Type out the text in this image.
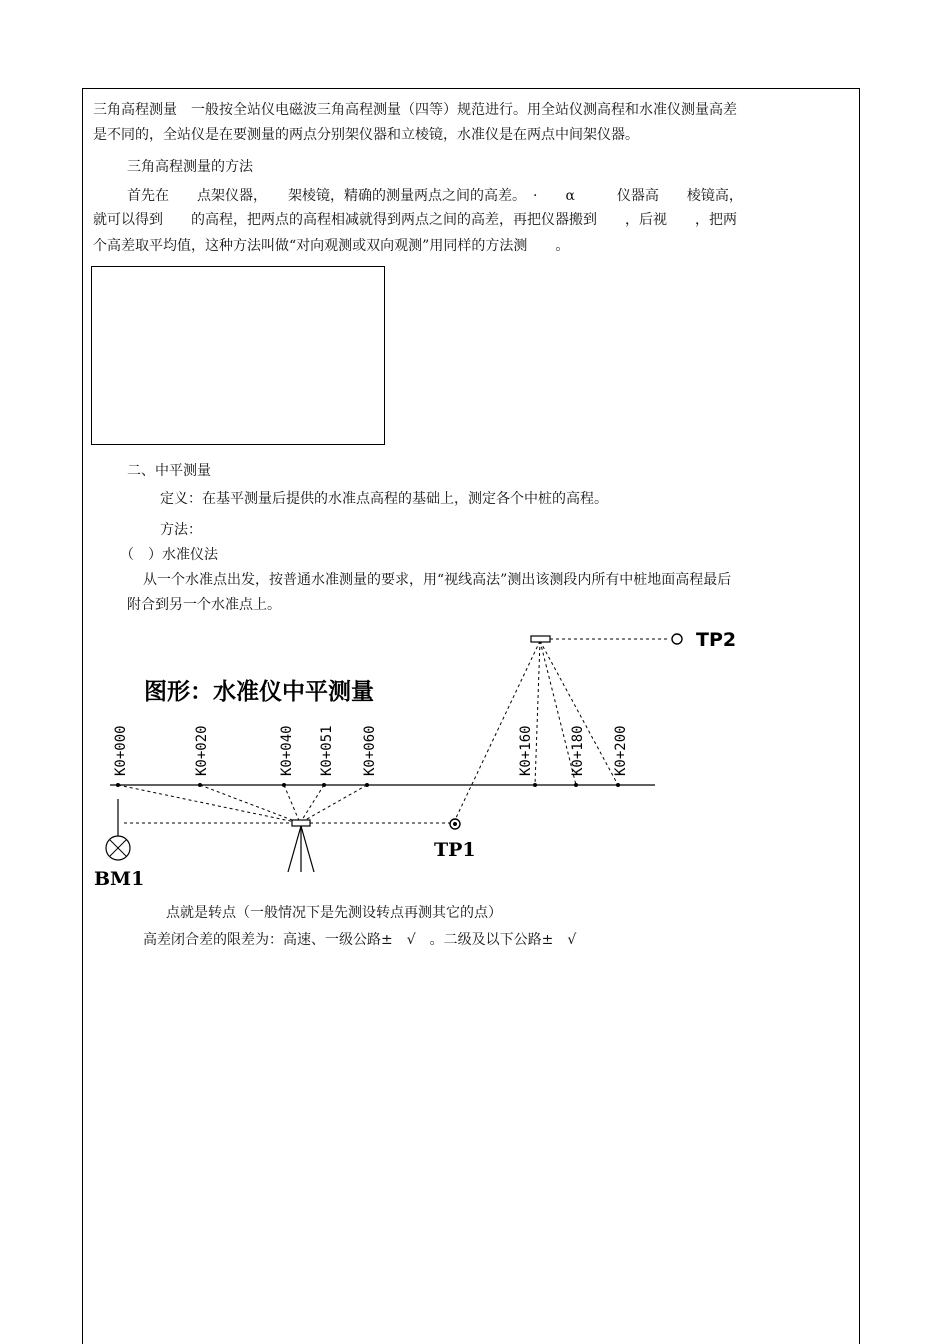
三角高程测量　一般按全站仪电磁波三角高程测量（四等）规范进行。用全站仪测高程和水准仪测量高差
是不同的，全站仪是在要测量的两点分别架仪器和立棱镜，水准仪是在两点中间架仪器。
三角高程测量的方法
首先在　　点架仪器，　　架棱镜，精确的测量两点之间的高差。　·　　α　　　仪器高　　棱镜高，
就可以得到　　的高程，把两点的高程相减就得到两点之间的高差，再把仪器搬到　　，后视　　，把两
个高差取平均值，这种方法叫做“对向观测或双向观测”用同样的方法测　　。
二、中平测量
定义：在基平测量后提供的水准点高程的基础上，测定各个中桩的高程。
方法：
（　）水准仪法
从一个水准点出发，按普通水准测量的要求，用“视线高法”测出该测段内所有中桩地面高程最后
附合到另一个水准点上。
图形：水准仪中平测量
K0+000	K0+020	K0+040 K0+051 K0+060	K0+160	K0+180 K0+200
BM1
TP1
TP2
点就是转点（一般情况下是先测设转点再测其它的点）
高差闭合差的限差为：高速、一级公路±　√　。二级及以下公路±　√
